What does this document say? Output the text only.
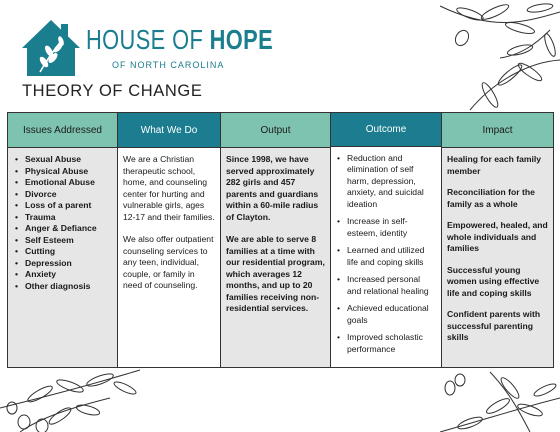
HOUSE OF HOPE
OF NORTH CAROLINA
THEORY OF CHANGE
Issues Addressed
• Sexual Abuse
• Physical Abuse
• Emotional Abuse
• Divorce
• Loss of a parent
• Trauma
• Anger & Defiance
• Self Esteem
• Cutting
• Depression
• Anxiety
• Other diagnosis
What We Do

We are a Christian therapeutic school, home, and counseling center for hurting and vulnerable girls, ages 12-17 and their families.

We also offer outpatient counseling services to any teen, individual, couple, or family in need of counseling.

Output

Since 1998, we have served approximately 282 girls and 457 parents and guardians within a 60-mile radius of Clayton.

We are able to serve 8 families at a time with our residential program, which averages 12 months, and up to 20 families receiving non-residential services.

Outcome
• Reduction and elimination of self harm, depression, anxiety, and suicidal ideation
• Increase in self-esteem, identity
• Learned and utilized life and coping skills
• Increased personal and relational healing
• Achieved educational goals
• Improved scholastic performance
Impact

Healing for each family member

Reconciliation for the family as a whole

Empowered, healed, and whole individuals and families

Successful young women using effective life and coping skills

Confident parents with successful parenting skills
